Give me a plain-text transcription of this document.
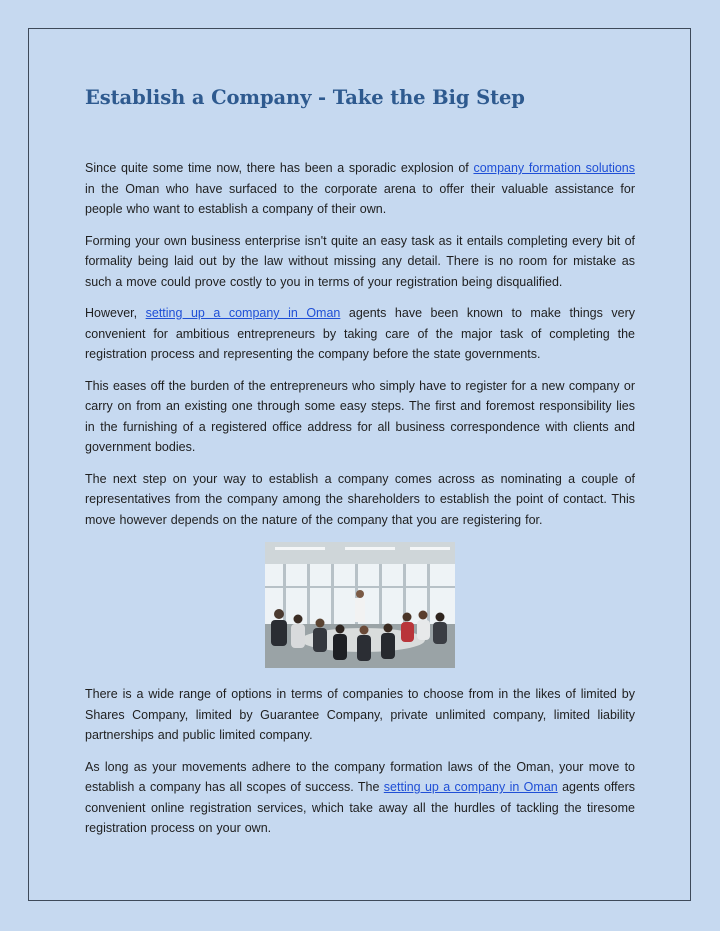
Establish a Company - Take the Big Step

Since quite some time now, there has been a sporadic explosion of company formation solutions in the Oman who have surfaced to the corporate arena to offer their valuable assistance for people who want to establish a company of their own.

Forming your own business enterprise isn't quite an easy task as it entails completing every bit of formality being laid out by the law without missing any detail. There is no room for mistake as such a move could prove costly to you in terms of your registration being disqualified.

However, setting up a company in Oman agents have been known to make things very convenient for ambitious entrepreneurs by taking care of the major task of completing the registration process and representing the company before the state governments.

This eases off the burden of the entrepreneurs who simply have to register for a new company or carry on from an existing one through some easy steps. The first and foremost responsibility lies in the furnishing of a registered office address for all business correspondence with clients and government bodies.

The next step on your way to establish a company comes across as nominating a couple of representatives from the company among the shareholders to establish the point of contact. This move however depends on the nature of the company that you are registering for.

There is a wide range of options in terms of companies to choose from in the likes of limited by Shares Company, limited by Guarantee Company, private unlimited company, limited liability partnerships and public limited company.

As long as your movements adhere to the company formation laws of the Oman, your move to establish a company has all scopes of success. The setting up a company in Oman agents offers convenient online registration services, which take away all the hurdles of tackling the tiresome registration process on your own.
